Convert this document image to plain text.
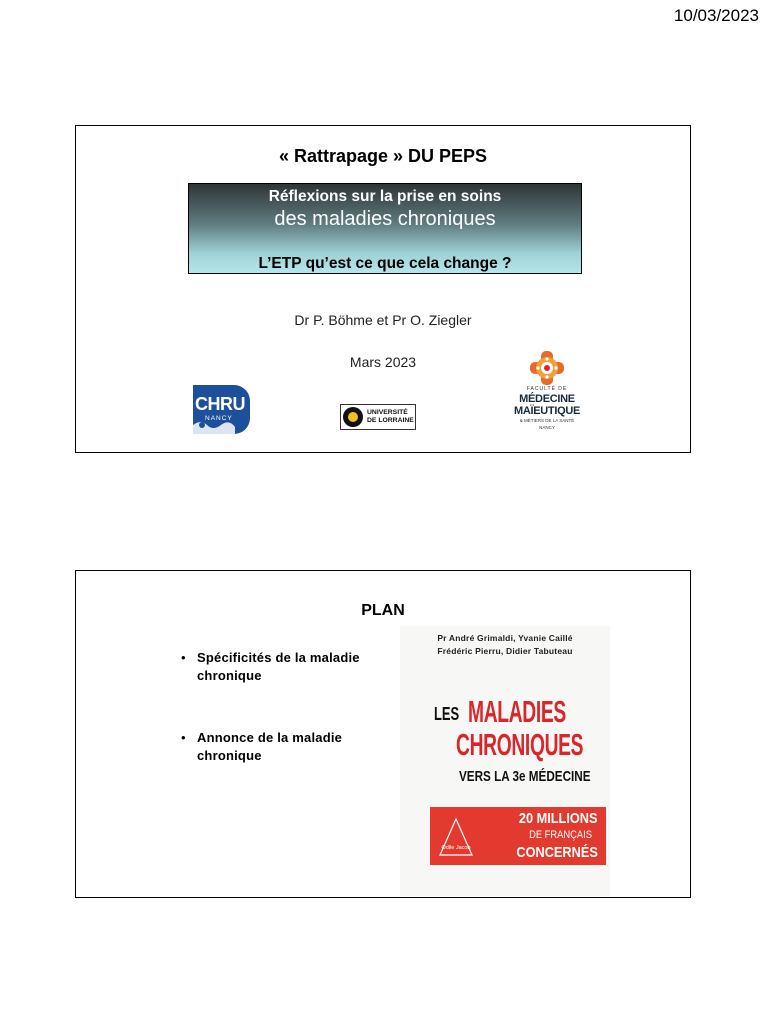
10/03/2023
« Rattrapage » DU PEPS
Réflexions sur la prise en soins
des maladies chroniques
L’ETP qu’est ce que cela change ?
Dr P. Böhme et Pr O. Ziegler
Mars 2023
CHRU
NANCY
UNIVERSITÉ
DE LORRAINE
FACULTÉ DE
MÉDECINE
MAÏEUTIQUE
& MÉTIERS DE LA SANTÉ
NANCY
PLAN
• Spécificités de la maladie
chronique
• Annonce de la maladie
chronique
Pr André Grimaldi, Yvanie Caillé
Frédéric Pierru, Didier Tabuteau
LES MALADIES
CHRONIQUES
VERS LA 3e MÉDECINE
Odile Jacob
20 MILLIONS
DE FRANÇAIS
CONCERNÉS
